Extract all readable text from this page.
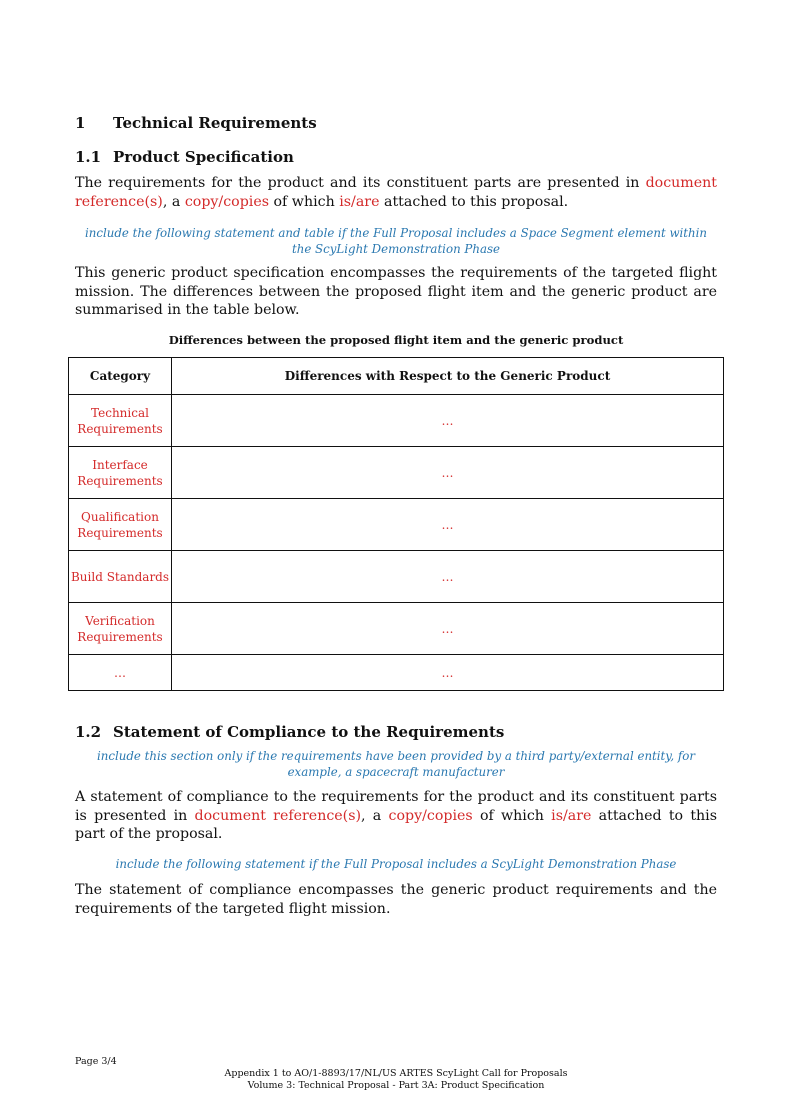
1 Technical Requirements
1.1 Product Specification
The requirements for the product and its constituent parts are presented in document reference(s), a copy/copies of which is/are attached to this proposal.
include the following statement and table if the Full Proposal includes a Space Segment element within the ScyLight Demonstration Phase
This generic product specification encompasses the requirements of the targeted flight mission. The differences between the proposed flight item and the generic product are summarised in the table below.
Differences between the proposed flight item and the generic product
Category	Differences with Respect to the Generic Product
Technical Requirements	…
Interface Requirements	…
Qualification Requirements	…
Build Standards	…
Verification Requirements	…
…	…
1.2 Statement of Compliance to the Requirements
include this section only if the requirements have been provided by a third party/external entity, for example, a spacecraft manufacturer
A statement of compliance to the requirements for the product and its constituent parts is presented in document reference(s), a copy/copies of which is/are attached to this part of the proposal.
include the following statement if the Full Proposal includes a ScyLight Demonstration Phase
The statement of compliance encompasses the generic product requirements and the requirements of the targeted flight mission.
Page 3/4
Appendix 1 to AO/1-8893/17/NL/US ARTES ScyLight Call for Proposals
Volume 3: Technical Proposal - Part 3A: Product Specification
